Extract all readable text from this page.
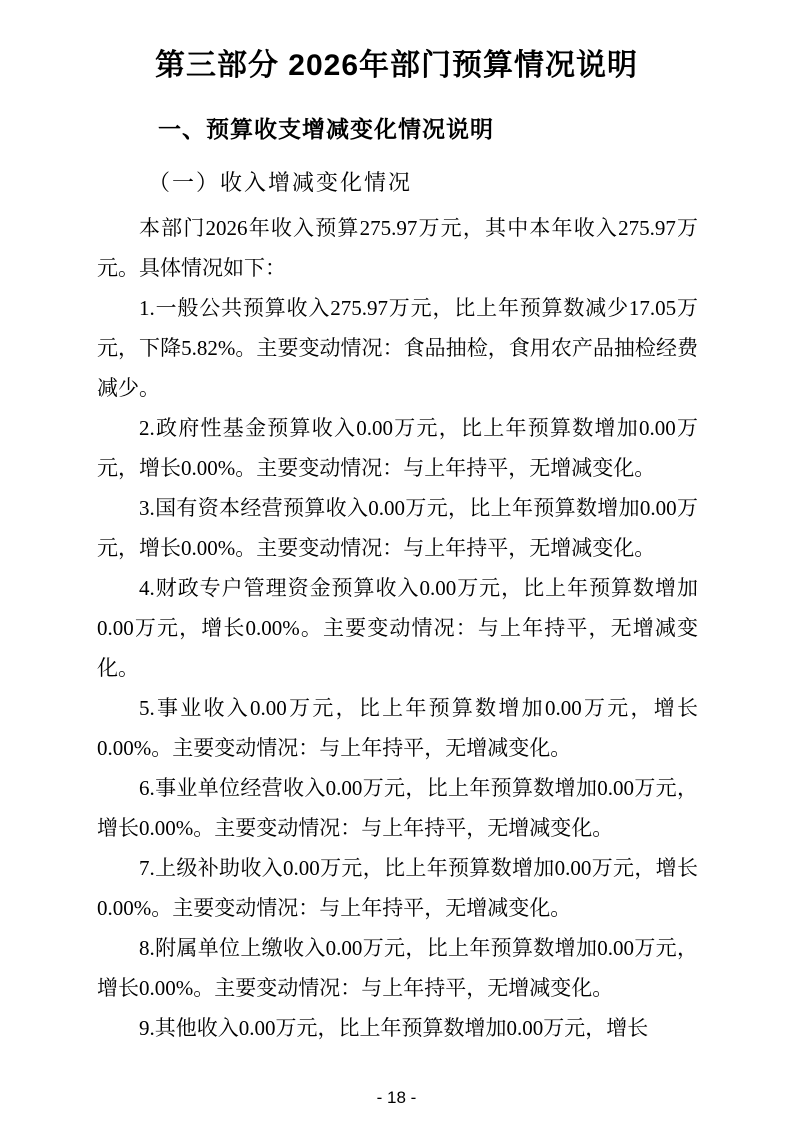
第三部分 2026年部门预算情况说明
一、预算收支增减变化情况说明
（一）收入增减变化情况

本部门2026年收入预算275.97万元，其中本年收入275.97万元。具体情况如下：

1.一般公共预算收入275.97万元，比上年预算数减少17.05万元，下降5.82%。主要变动情况：食品抽检，食用农产品抽检经费减少。

2.政府性基金预算收入0.00万元，比上年预算数增加0.00万元，增长0.00%。主要变动情况：与上年持平，无增减变化。

3.国有资本经营预算收入0.00万元，比上年预算数增加0.00万元，增长0.00%。主要变动情况：与上年持平，无增减变化。

4.财政专户管理资金预算收入0.00万元，比上年预算数增加0.00万元，增长0.00%。主要变动情况：与上年持平，无增减变化。

5.事业收入0.00万元，比上年预算数增加0.00万元，增长0.00%。主要变动情况：与上年持平，无增减变化。

6.事业单位经营收入0.00万元，比上年预算数增加0.00万元，增长0.00%。主要变动情况：与上年持平，无增减变化。

7.上级补助收入0.00万元，比上年预算数增加0.00万元，增长0.00%。主要变动情况：与上年持平，无增减变化。

8.附属单位上缴收入0.00万元，比上年预算数增加0.00万元，增长0.00%。主要变动情况：与上年持平，无增减变化。

9.其他收入0.00万元，比上年预算数增加0.00万元，增长

- 18 -
